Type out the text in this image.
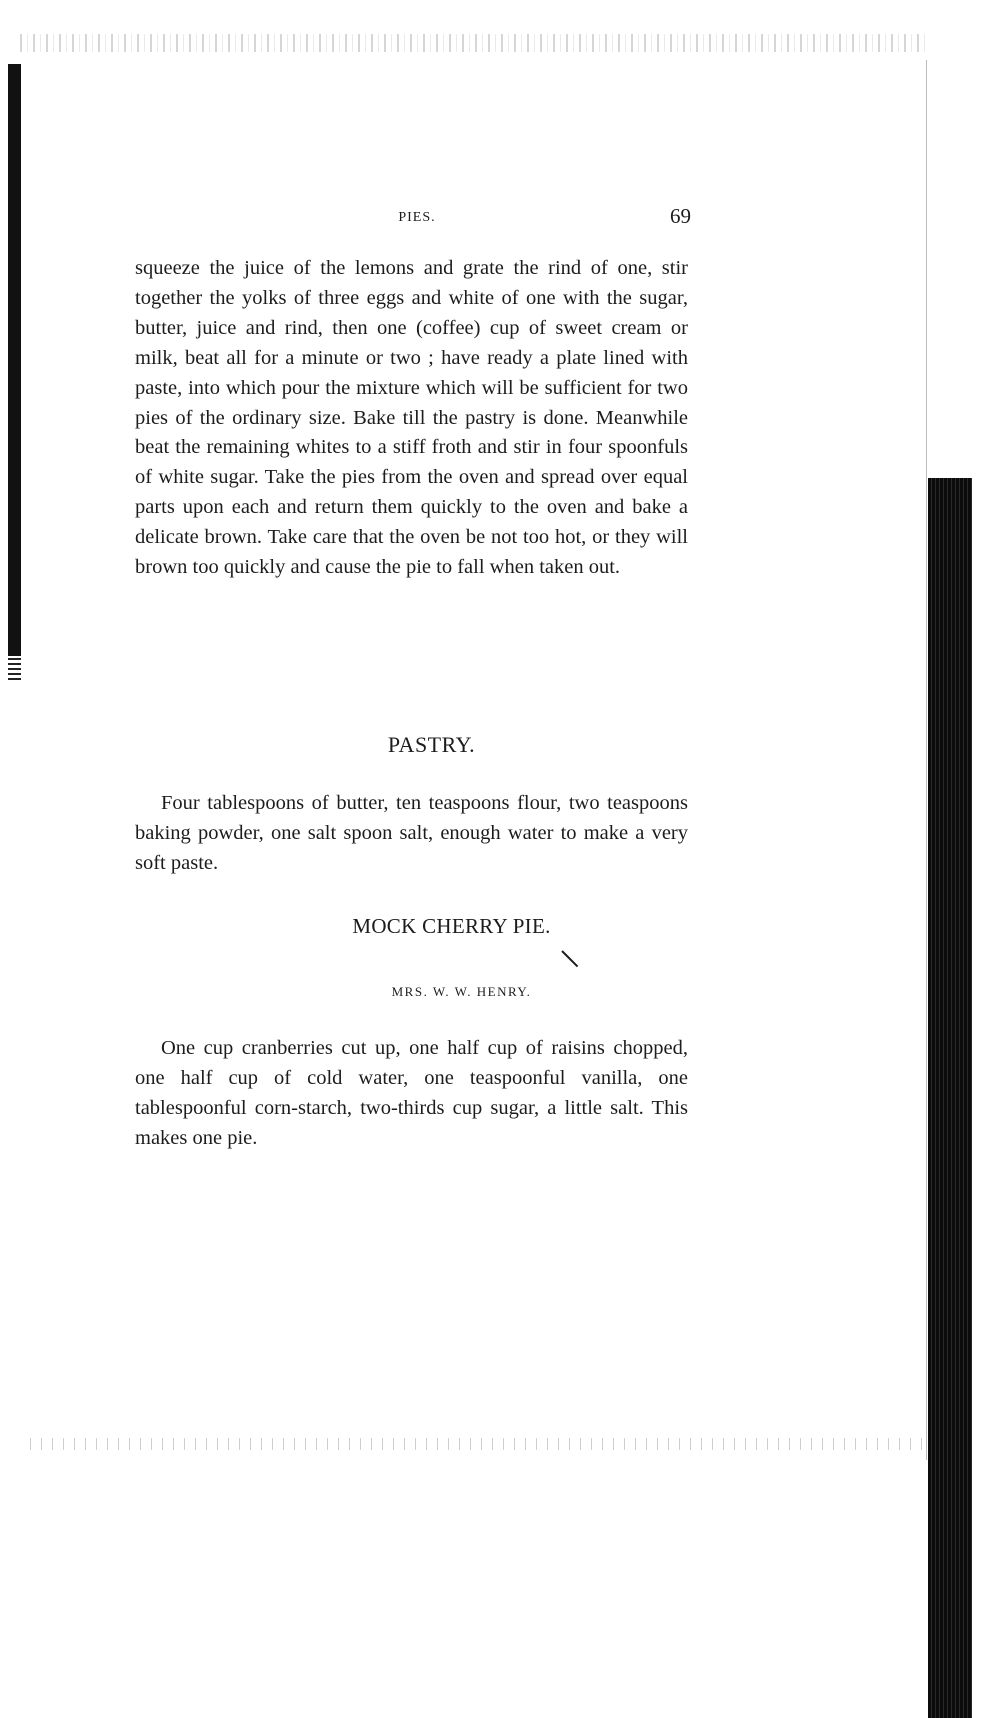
PIES.	69

squeeze the juice of the lemons and grate the rind of one, stir together the yolks of three eggs and white of one with the sugar, butter, juice and rind, then one (coffee) cup of sweet cream or milk, beat all for a minute or two ; have ready a plate lined with paste, into which pour the mixture which will be sufficient for two pies of the ordinary size. Bake till the pastry is done. Meanwhile beat the remaining whites to a stiff froth and stir in four spoonfuls of white sugar. Take the pies from the oven and spread over equal parts upon each and return them quickly to the oven and bake a delicate brown. Take care that the oven be not too hot, or they will brown too quickly and cause the pie to fall when taken out.

PASTRY.

Four tablespoons of butter, ten teaspoons flour, two teaspoons baking powder, one salt spoon salt, enough water to make a very soft paste.

MOCK CHERRY PIE.
MRS. W. W. HENRY.

One cup cranberries cut up, one half cup of raisins chopped, one half cup of cold water, one teaspoonful vanilla, one tablespoonful corn-starch, two-thirds cup sugar, a little salt. This makes one pie.
